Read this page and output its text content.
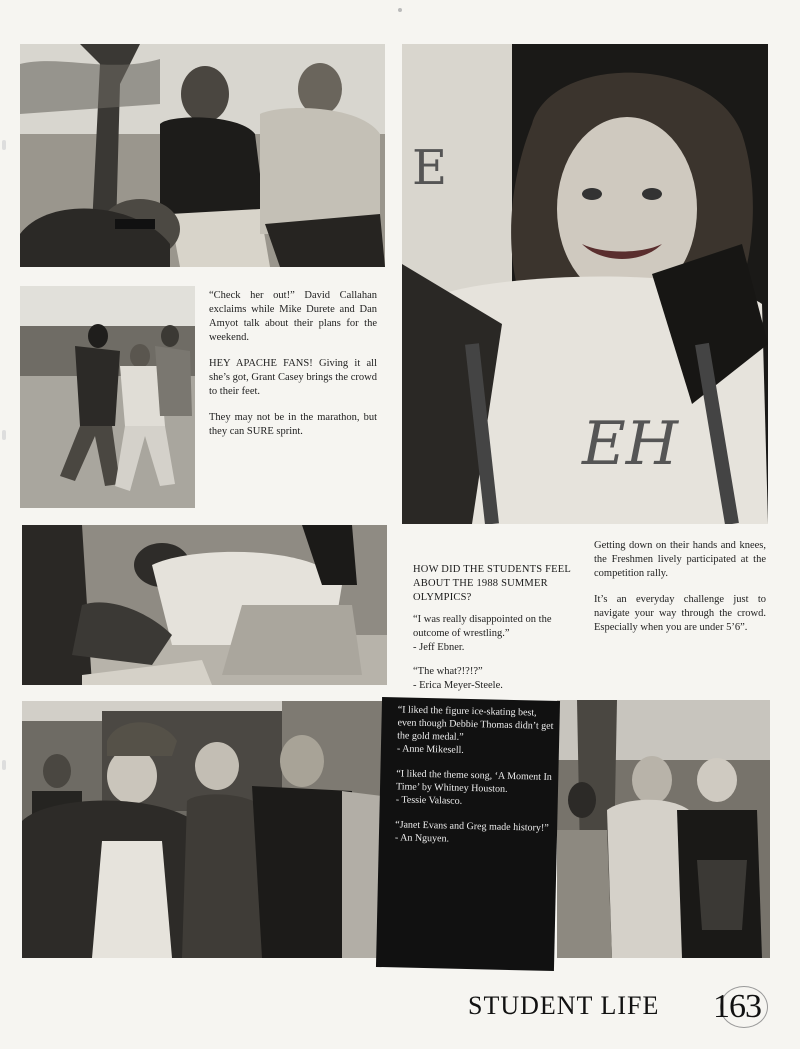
E
EH

“Check her out!” David Callahan exclaims while Mike Durete and Dan Amyot talk about their plans for the weekend.

HEY APACHE FANS! Giving it all she’s got, Grant Casey brings the crowd to their feet.

They may not be in the marathon, but they can SURE sprint.

HOW DID THE STUDENTS FEEL ABOUT THE 1988 SUMMER OLYMPICS?

“I was really disappointed on the outcome of wrestling.”
- Jeff Ebner.

“The what?!?!?”
- Erica Meyer-Steele.

Getting down on their hands and knees, the Freshmen lively participated at the competition rally.

It’s an everyday challenge just to navigate your way through the crowd. Especially when you are under 5’6”.

“I liked the figure ice-skating best, even though Debbie Thomas didn’t get the gold medal.”
- Anne Mikesell.

“I liked the theme song, ‘A Moment In Time’ by Whitney Houston.
- Tessie Valasco.

“Janet Evans and Greg made history!”
- An Nguyen.

STUDENT LIFE 163
